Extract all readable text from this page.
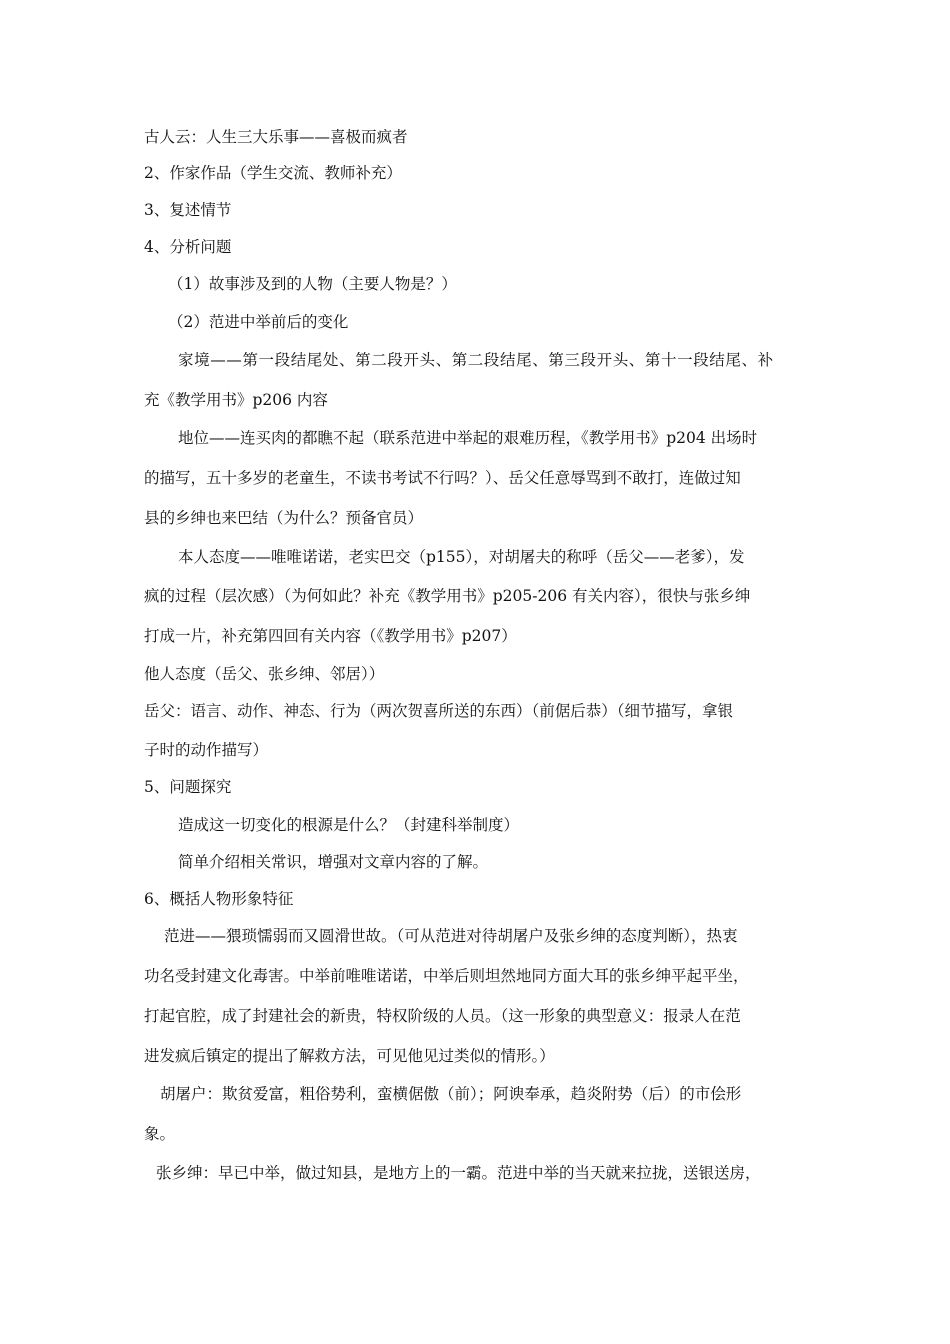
古人云：人生三大乐事——喜极而疯者
2、作家作品（学生交流、教师补充）
3、复述情节
4、分析问题
（1）故事涉及到的人物（主要人物是？）
（2）范进中举前后的变化
家境——第一段结尾处、第二段开头、第二段结尾、第三段开头、第十一段结尾、补
充《教学用书》p206 内容
地位——连买肉的都瞧不起（联系范进中举起的艰难历程，《教学用书》p204 出场时
的描写，五十多岁的老童生，不读书考试不行吗？）、岳父任意辱骂到不敢打，连做过知
县的乡绅也来巴结（为什么？预备官员）
本人态度——唯唯诺诺，老实巴交（p155），对胡屠夫的称呼（岳父——老爹），发
疯的过程（层次感）（为何如此？补充《教学用书》p205-206 有关内容），很快与张乡绅
打成一片，补充第四回有关内容（《教学用书》p207）
他人态度（岳父、张乡绅、邻居））
岳父：语言、动作、神态、行为（两次贺喜所送的东西）（前倨后恭）（细节描写，拿银
子时的动作描写）
5、问题探究
造成这一切变化的根源是什么？（封建科举制度）
简单介绍相关常识，增强对文章内容的了解。
6、概括人物形象特征
范进——猥琐懦弱而又圆滑世故。（可从范进对待胡屠户及张乡绅的态度判断），热衷
功名受封建文化毒害。中举前唯唯诺诺，中举后则坦然地同方面大耳的张乡绅平起平坐，
打起官腔，成了封建社会的新贵，特权阶级的人员。（这一形象的典型意义：报录人在范
进发疯后镇定的提出了解救方法，可见他见过类似的情形。）
胡屠户：欺贫爱富，粗俗势利，蛮横倨傲（前）；阿谀奉承，趋炎附势（后）的市侩形
象。
张乡绅：早已中举，做过知县，是地方上的一霸。范进中举的当天就来拉拢，送银送房，
